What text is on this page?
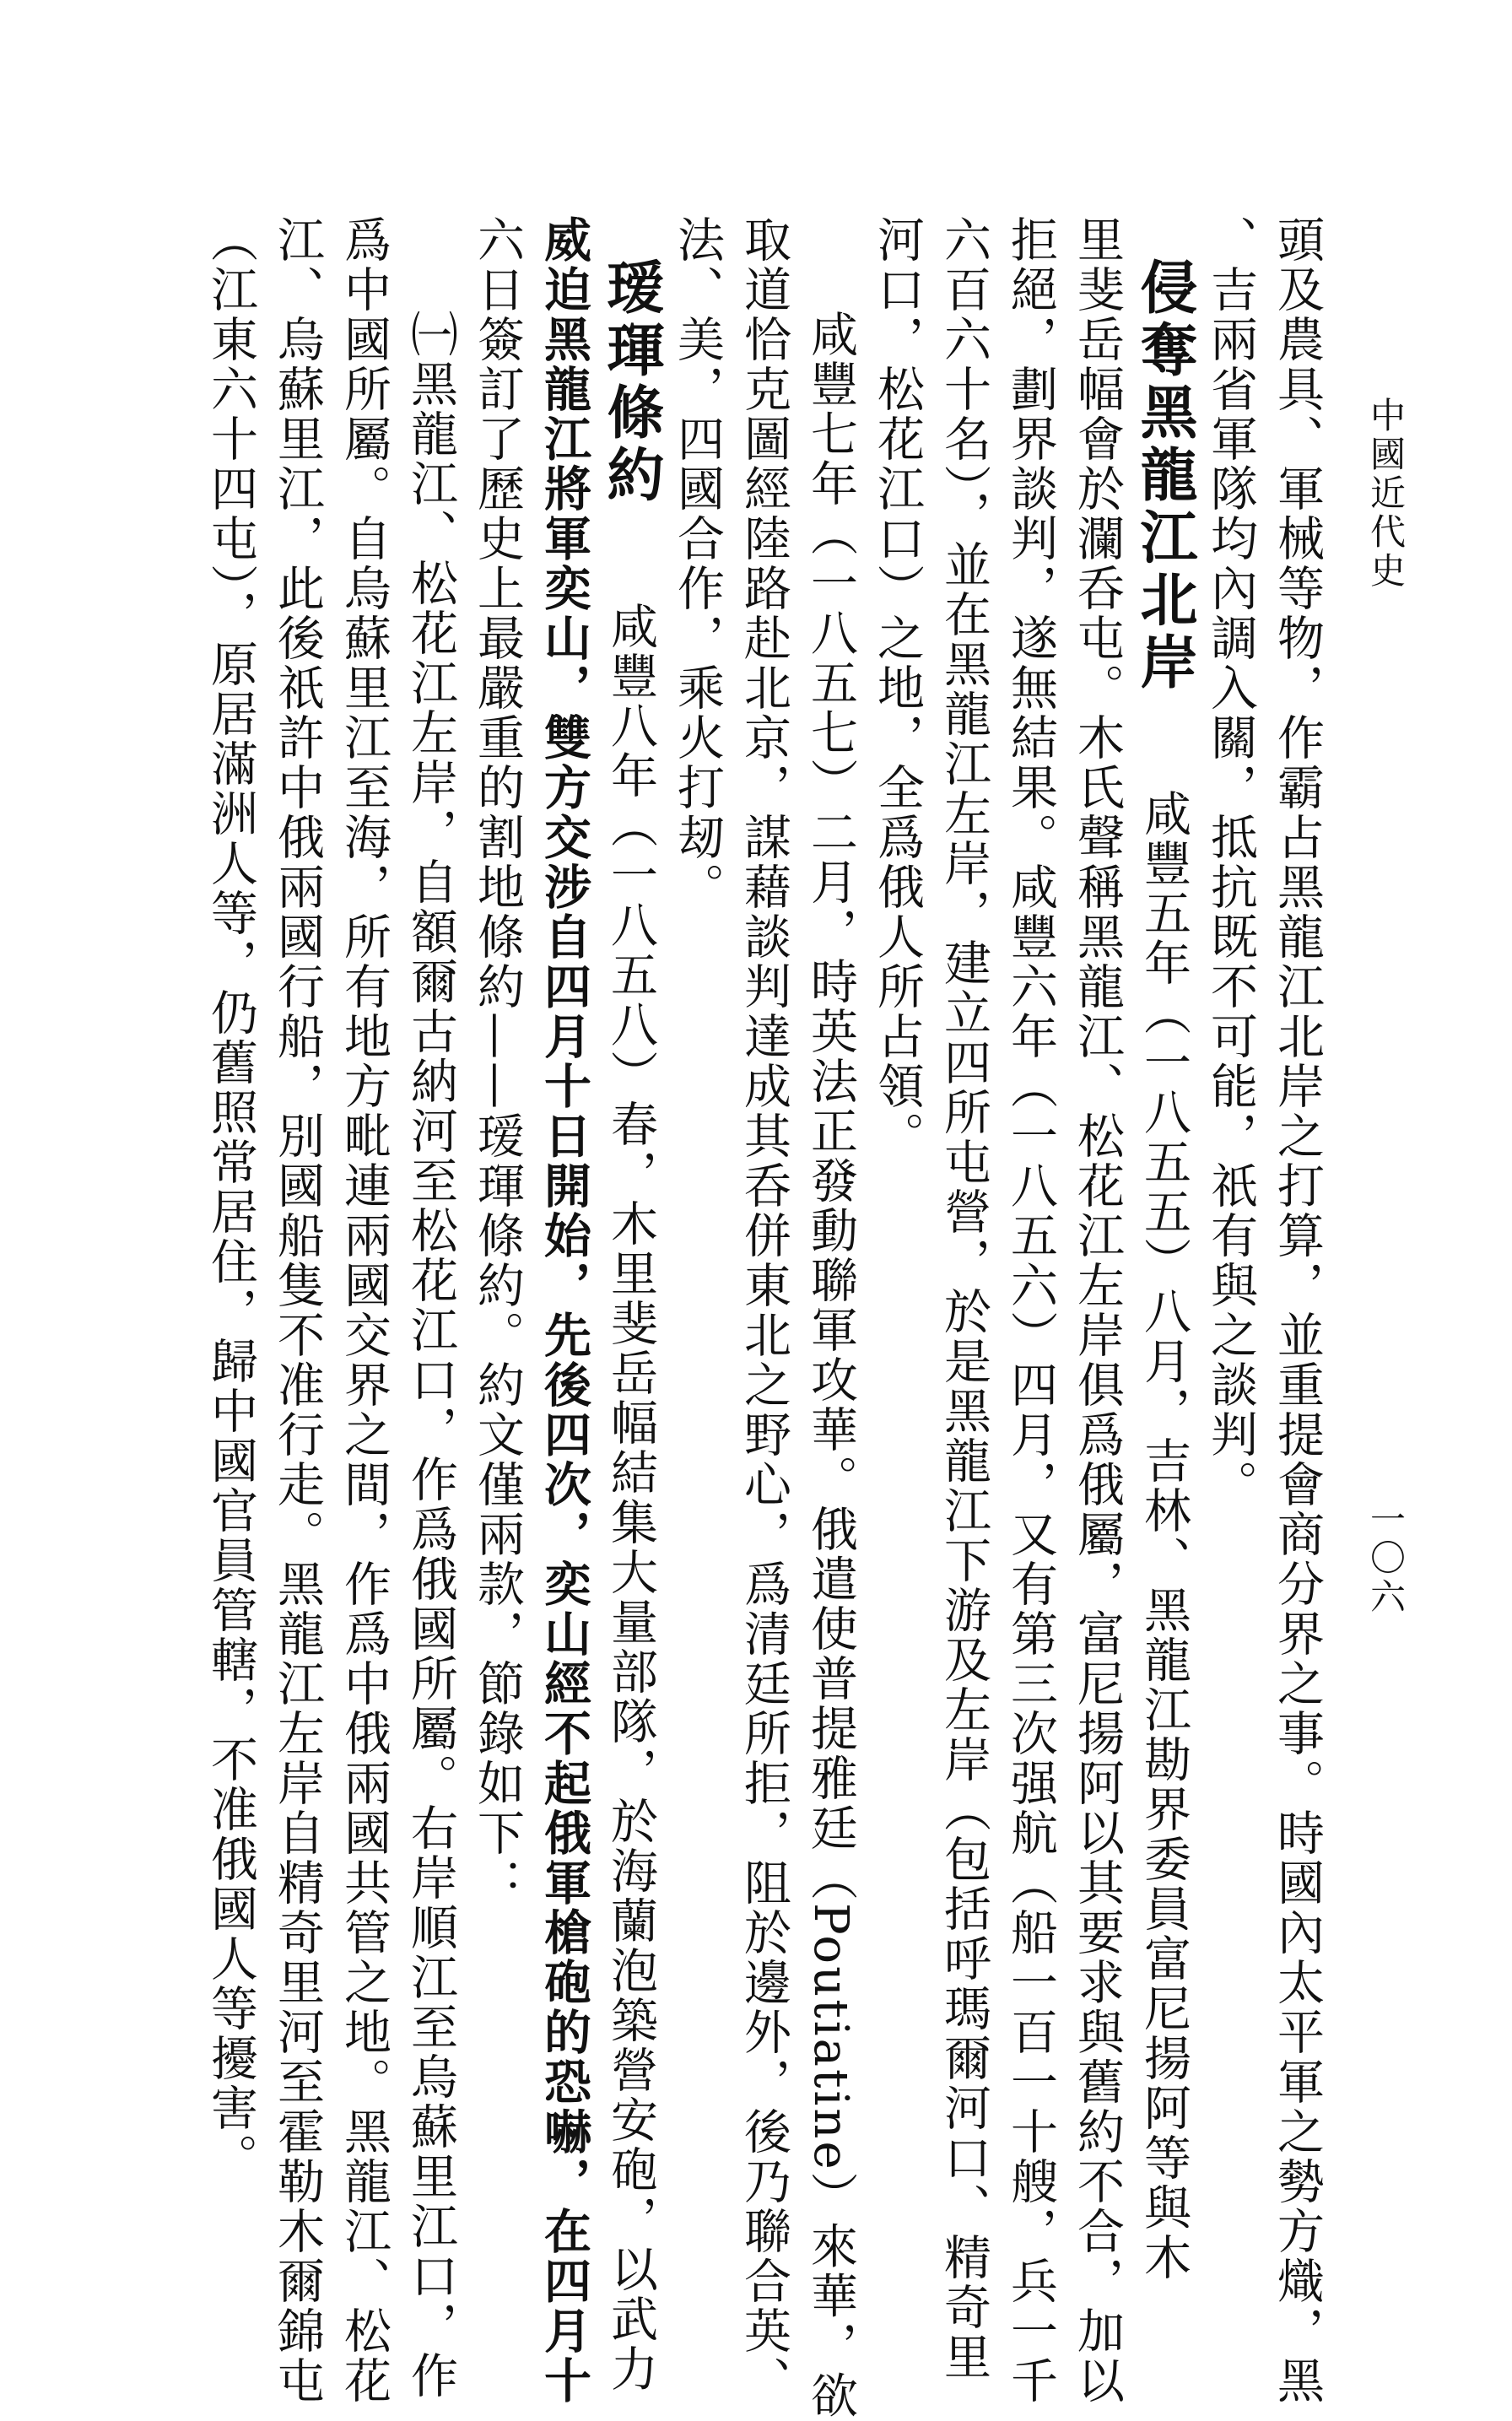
中國近代史
一〇六
頭及農具、軍械等物，作霸占黑龍江北岸之打算，並重提會商分界之事。時國內太平軍之勢方熾，黑
、吉兩省軍隊均內調入關，抵抗既不可能，祇有與之談判。
侵奪黑龍江北岸咸豐五年（一八五五）八月，吉林、黑龍江勘界委員富尼揚阿等與木
里斐岳幅會於瀾呑屯。木氏聲稱黑龍江、松花江左岸俱爲俄屬，富尼揚阿以其要求與舊約不合，加以
拒絕，劃界談判，遂無結果。咸豐六年（一八五六）四月，又有第三次强航（船一百一十艘，兵一千
六百六十名），並在黑龍江左岸，建立四所屯營，於是黑龍江下游及左岸（包括呼瑪爾河口、精奇里
河口，松花江口）之地，全爲俄人所占領。
咸豐七年（一八五七）二月，時英法正發動聯軍攻華。俄遣使普提雅廷（Poutiatine）來華，欲
取道恰克圖經陸路赴北京，謀藉談判達成其呑併東北之野心，爲清廷所拒，阻於邊外，後乃聯合英、
法、美，四國合作，乘火打刼。
瑷琿條約咸豐八年（一八五八）春，木里斐岳幅結集大量部隊，於海蘭泡築營安砲，以武力
威迫黑龍江將軍奕山，雙方交涉自四月十日開始，先後四次，奕山經不起俄軍槍砲的恐嚇，在四月十
六日簽訂了歷史上最嚴重的割地條約——瑷琿條約。約文僅兩款，節錄如下：
㈠黑龍江、松花江左岸，自額爾古納河至松花江口，作爲俄國所屬。右岸順江至烏蘇里江口，作
爲中國所屬。自烏蘇里江至海，所有地方毗連兩國交界之間，作爲中俄兩國共管之地。黑龍江、松花
江、烏蘇里江，此後祇許中俄兩國行船，別國船隻不准行走。黑龍江左岸自精奇里河至霍勒木爾錦屯
（江東六十四屯），原居滿洲人等，仍舊照常居住，歸中國官員管轄，不准俄國人等擾害。
